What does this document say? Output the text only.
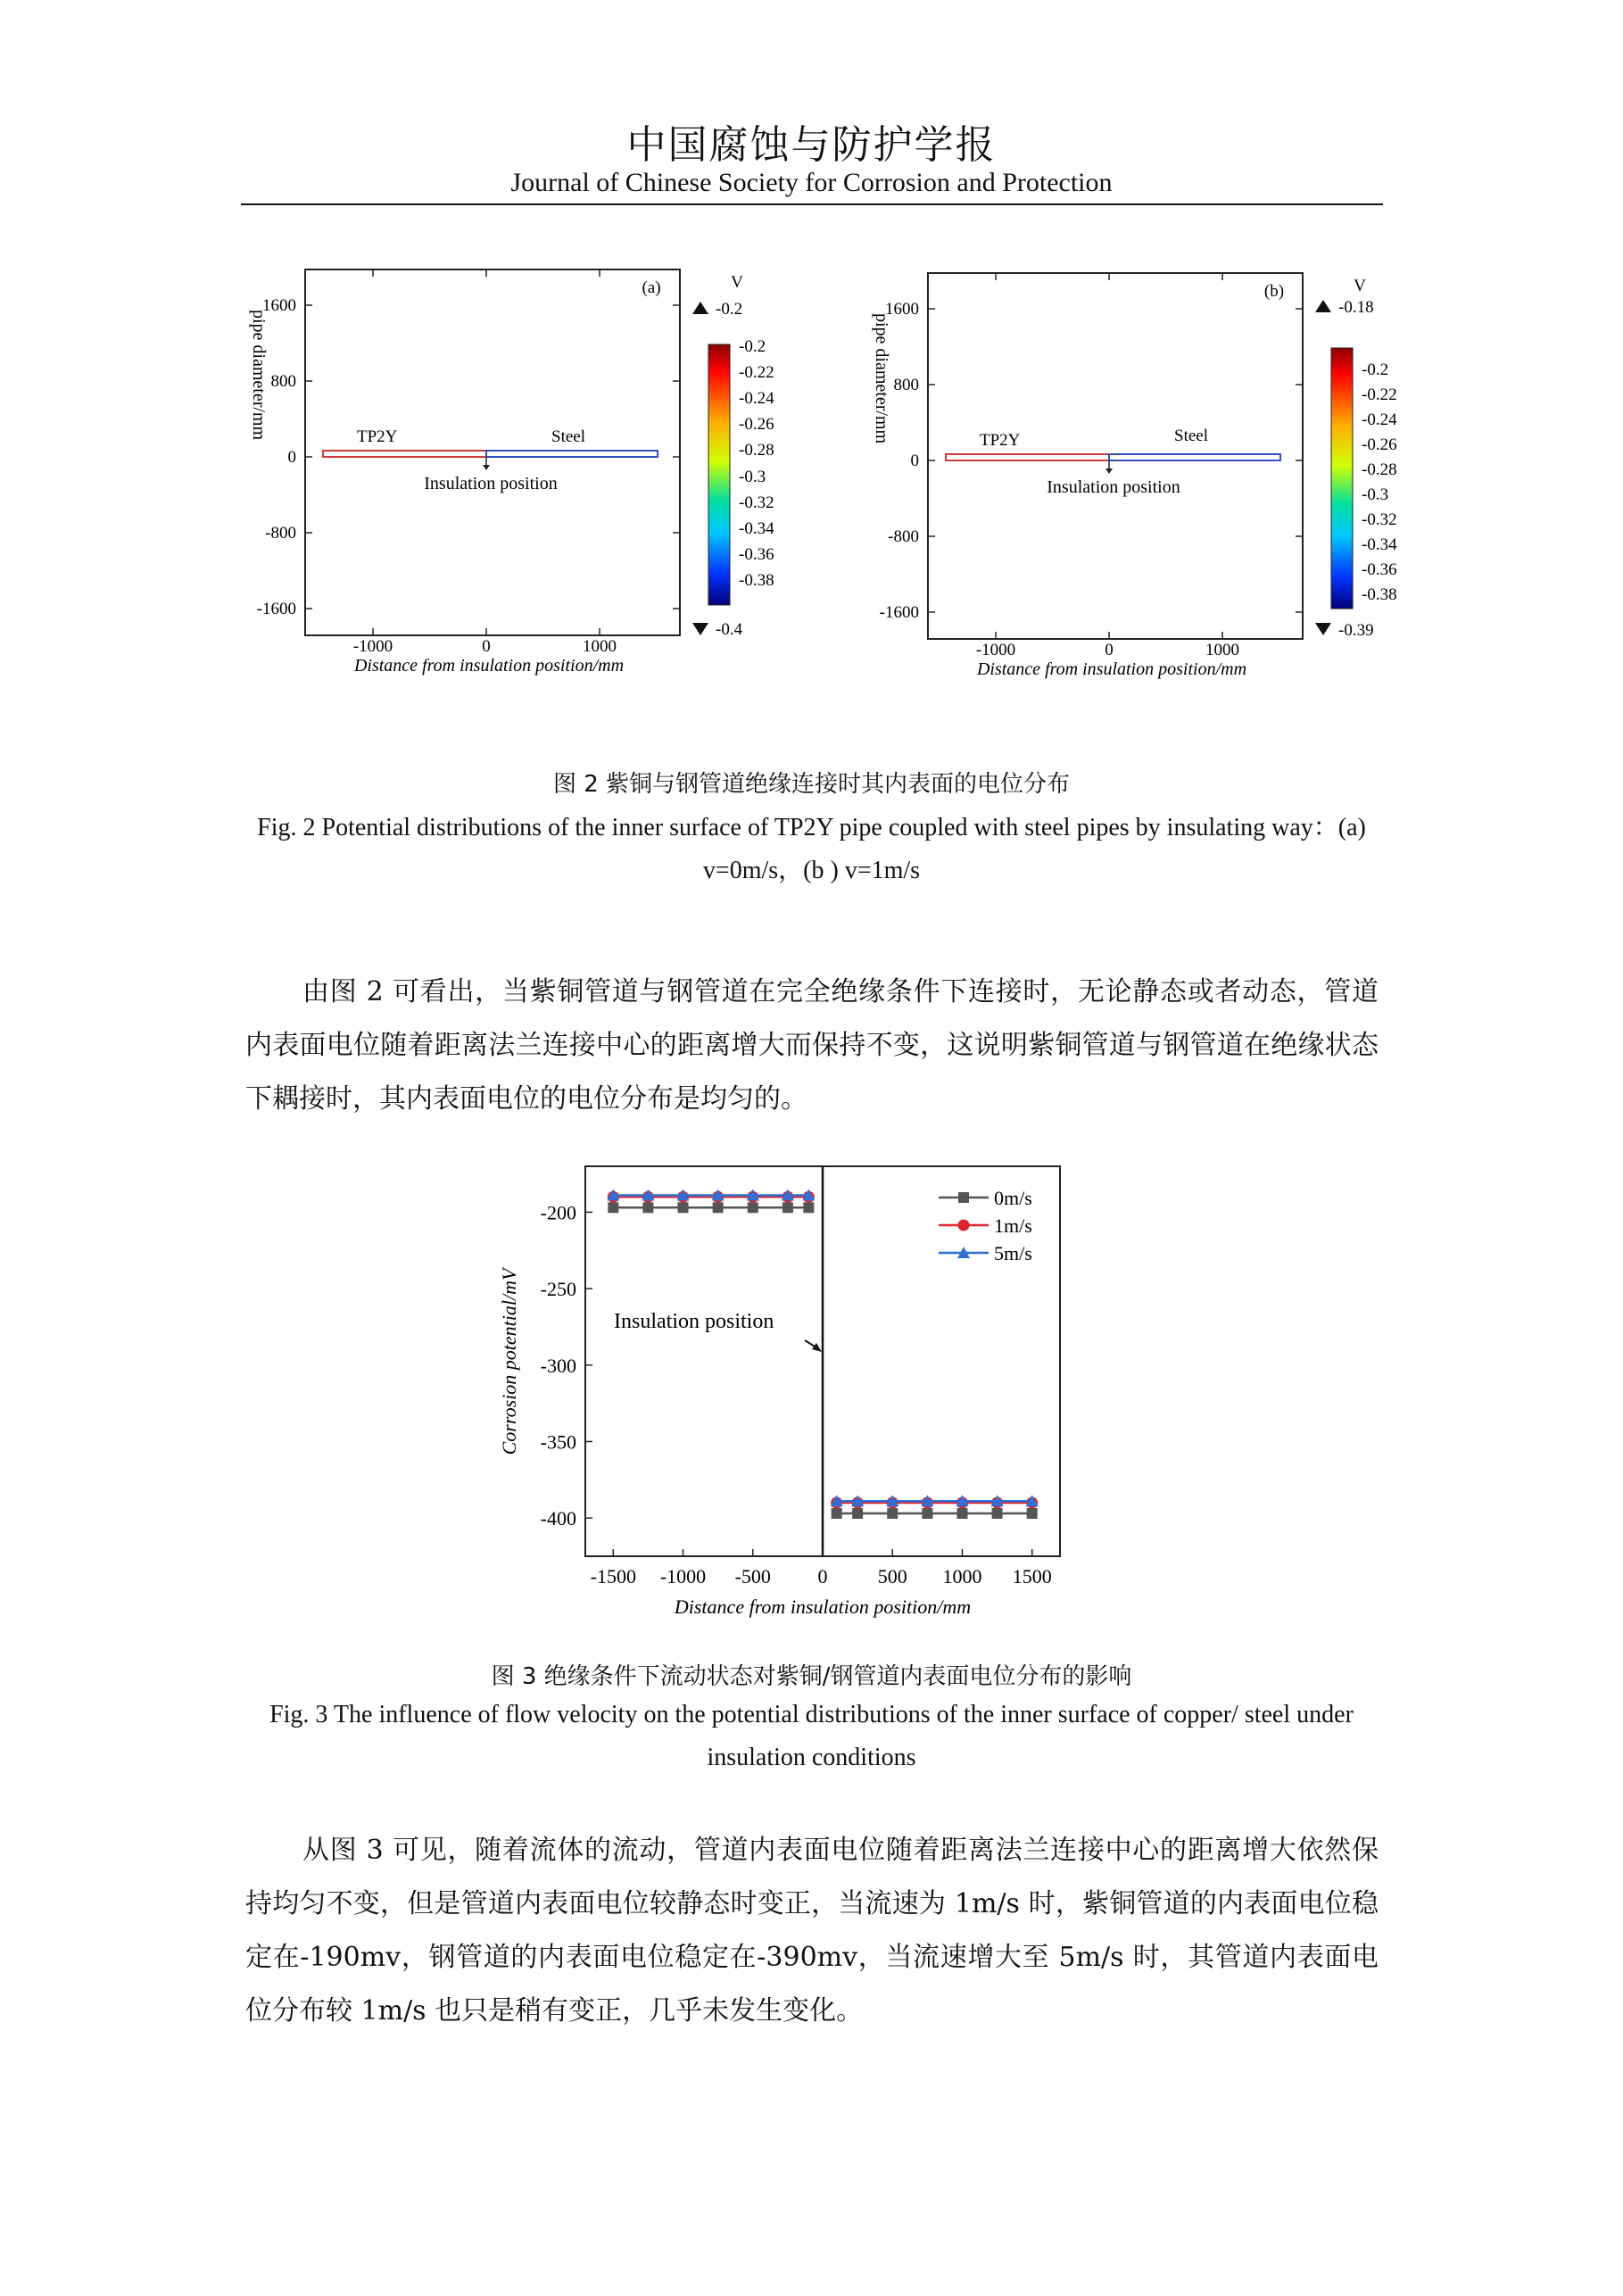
中国腐蚀与防护学报
Journal of Chinese Society for Corrosion and Protection
(a)
1600
800
0
-800
-1600
-1000	0	1000
Distance from insulation position/mm
pipe diameter/mm	TP2Y	Steel
Insulation position
V
-0.2
-0.2
-0.22
-0.24
-0.26
-0.28
-0.3
-0.32
-0.34
-0.36
-0.38
-0.4
(b)
1600
800
0
-800
-1600
-1000	0	1000
Distance from insulation position/mm
pipe diameter/mm	TP2Y	Steel
Insulation position
V
-0.18
-0.2
-0.22
-0.24
-0.26
-0.28
-0.3
-0.32
-0.34
-0.36
-0.38
-0.39
图 2 紫铜与钢管道绝缘连接时其内表面的电位分布
Fig. 2 Potential distributions of the inner surface of TP2Y pipe coupled with steel pipes by insulating way：(a)
v=0m/s，(b ) v=1m/s
由图 2 可看出，当紫铜管道与钢管道在完全绝缘条件下连接时，无论静态或者动态，管道内表面电位随着距离法兰连接中心的距离增大而保持不变，这说明紫铜管道与钢管道在绝缘状态下耦接时，其内表面电位的电位分布是均匀的。
-200
-250
-300
-350
-400
-1500 -1000 -500 0	500 1000 1500
Distance from insulation position/mm
Corrosion potential/mV	Insulation position
0m/s
1m/s
5m/s
图 3 绝缘条件下流动状态对紫铜/钢管道内表面电位分布的影响
Fig. 3 The influence of flow velocity on the potential distributions of the inner surface of copper/ steel under
insulation conditions
从图 3 可见，随着流体的流动，管道内表面电位随着距离法兰连接中心的距离增大依然保持均匀不变，但是管道内表面电位较静态时变正，当流速为 1m/s 时，紫铜管道的内表面电位稳定在-190mv，钢管道的内表面电位稳定在-390mv，当流速增大至 5m/s 时，其管道内表面电位分布较 1m/s 也只是稍有变正，几乎未发生变化。
